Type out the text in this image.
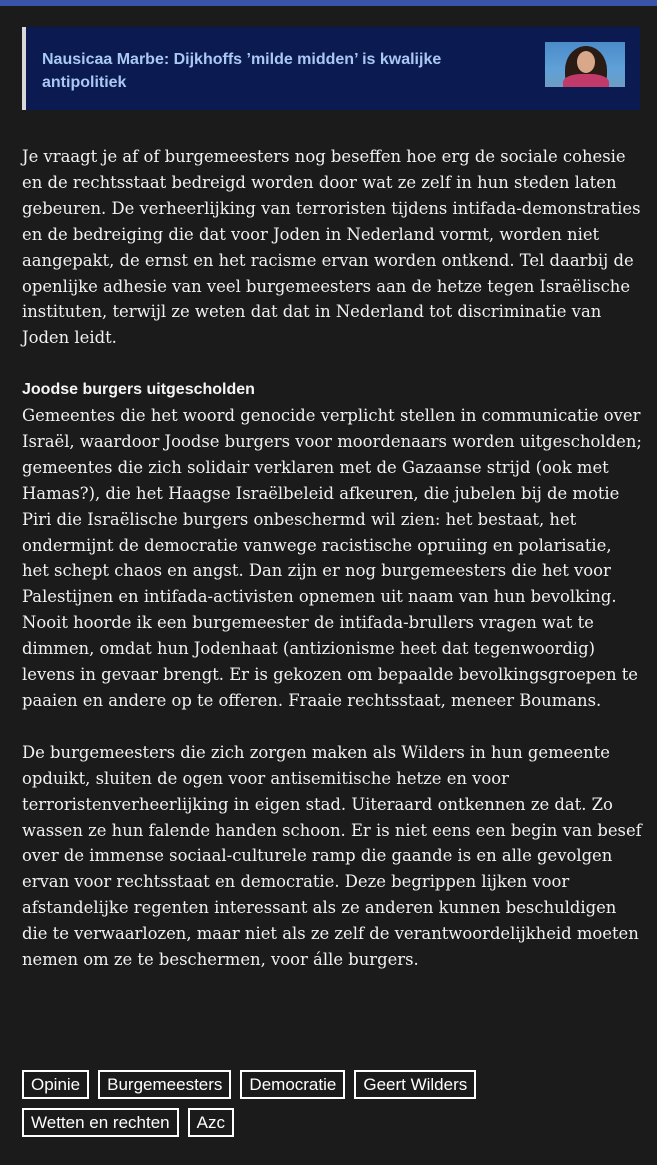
Nausicaa Marbe: Dijkhoffs ’milde midden’ is kwalijke antipolitiek

Je vraagt je af of burgemeesters nog beseffen hoe erg de sociale cohesie en de rechtsstaat bedreigd worden door wat ze zelf in hun steden laten gebeuren. De verheerlijking van terroristen tijdens intifada-demonstraties en de bedreiging die dat voor Joden in Nederland vormt, worden niet aangepakt, de ernst en het racisme ervan worden ontkend. Tel daarbij de openlijke adhesie van veel burgemeesters aan de hetze tegen Israëlische instituten, terwijl ze weten dat dat in Nederland tot discriminatie van Joden leidt.

Joodse burgers uitgescholden

Gemeentes die het woord genocide verplicht stellen in communicatie over Israël, waardoor Joodse burgers voor moordenaars worden uitgescholden; gemeentes die zich solidair verklaren met de Gazaanse strijd (ook met Hamas?), die het Haagse Israëlbeleid afkeuren, die jubelen bij de motie Piri die Israëlische burgers onbeschermd wil zien: het bestaat, het ondermijnt de democratie vanwege racistische opruiing en polarisatie, het schept chaos en angst. Dan zijn er nog burgemeesters die het voor Palestijnen en intifada-activisten opnemen uit naam van hun bevolking. Nooit hoorde ik een burgemeester de intifada-brullers vragen wat te dimmen, omdat hun Jodenhaat (antizionisme heet dat tegenwoordig) levens in gevaar brengt. Er is gekozen om bepaalde bevolkingsgroepen te paaien en andere op te offeren. Fraaie rechtsstaat, meneer Boumans.

De burgemeesters die zich zorgen maken als Wilders in hun gemeente opduikt, sluiten de ogen voor antisemitische hetze en voor terroristenverheerlijking in eigen stad. Uiteraard ontkennen ze dat. Zo wassen ze hun falende handen schoon. Er is niet eens een begin van besef over de immense sociaal-culturele ramp die gaande is en alle gevolgen ervan voor rechtsstaat en democratie. Deze begrippen lijken voor afstandelijke regenten interessant als ze anderen kunnen beschuldigen die te verwaarlozen, maar niet als ze zelf de verantwoordelijkheid moeten nemen om ze te beschermen, voor álle burgers.

Opinie	Burgemeesters	Democratie	Geert Wilders
Wetten en rechten	Azc
